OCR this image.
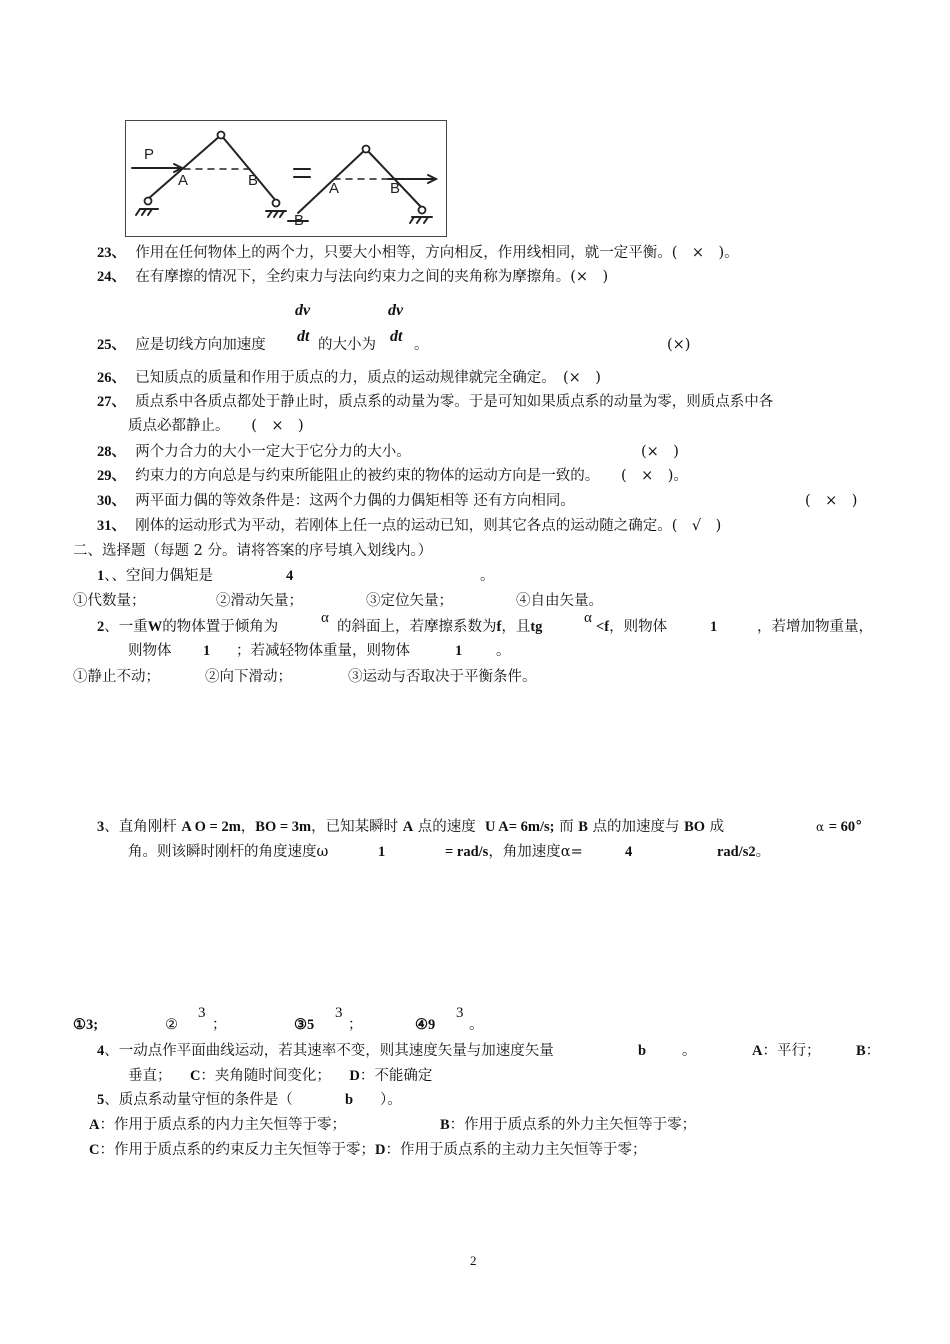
P
A	B	A	B
B
23、 作用在任何物体上的两个力，只要大小相等，方向相反，作用线相同，就一定平衡。(　×　)。
24、 在有摩擦的情况下，全约束力与法向约束力之间的夹角称为摩擦角。(×　)
dv
dt
dv
dt
25、 应是切线方向加速度	的大小为	。	(×)
26、 已知质点的质量和作用于质点的力，质点的运动规律就完全确定。　(×　)
27、 质点系中各质点都处于静止时，质点系的动量为零。于是可知如果质点系的动量为零，则质点系中各
质点必都静止。　　(　×　)
28、 两个力合力的大小一定大于它分力的大小。	(×　)
29、 约束力的方向总是与约束所能阻止的被约束的物体的运动方向是一致的。　　(　×　)。
30、 两平面力偶的等效条件是：这两个力偶的力偶矩相等 还有方向相同。	(　×　)
31、 刚体的运动形式为平动，若刚体上任一点的运动已知，则其它各点的运动随之确定。(　√　)
二、选择题（每题 2 分。请将答案的序号填入划线内。）
1、、空间力偶矩是	4	。
①代数量；	②滑动矢量；	③定位矢量；	④自由矢量。
2、一重W的物体置于倾角为
α
的斜面上，若摩擦系数为f，且tg
α
<f，则物体	1	，若增加物重量，
则物体 1 ；若减轻物体重量，则物体	1 。
①静止不动；	②向下滑动；	③运动与否取决于平衡条件。
3、直角刚杆 A O = 2m，BO = 3m，已知某瞬时 A 点的速度 U A= 6m/s; 而 B 点的加速度与 BO 成	α = 60°
角。则该瞬时刚杆的角度速度ω	1	= rad/s，角加速度α=	4	rad/s2。
①3;	②
3
；	③5
3
；	④9
3
。
4、一动点作平面曲线运动，若其速率不变，则其速度矢量与加速度矢量	b 。	A：平行； B：
垂直； C：夹角随时间变化； D：不能确定
5、质点系动量守恒的条件是（	b ）。
A：作用于质点系的内力主矢恒等于零；	B：作用于质点系的外力主矢恒等于零；
C：作用于质点系的约束反力主矢恒等于零；D：作用于质点系的主动力主矢恒等于零；
2
